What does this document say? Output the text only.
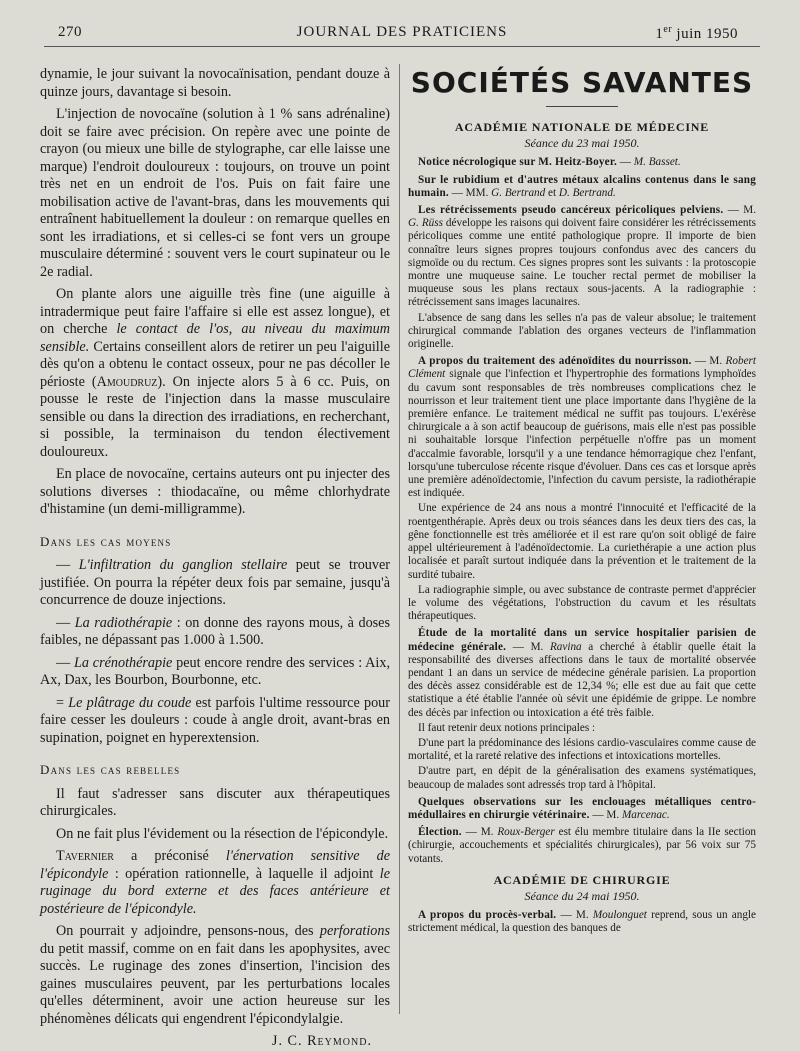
270	JOURNAL DES PRATICIENS	1er juin 1950

dynamie, le jour suivant la novocaïnisation, pendant douze à quinze jours, davantage si besoin.

L'injection de novocaïne (solution à 1 % sans adrénaline) doit se faire avec précision. On repère avec une pointe de crayon (ou mieux une bille de stylographe, car elle laisse une marque) l'endroit douloureux : toujours, on trouve un point très net en un endroit de l'os. Puis on fait faire une mobilisation active de l'avant-bras, dans les mouvements qui entraînent habituellement la douleur : on remarque quelles en sont les irradiations, et si celles-ci se font vers un groupe musculaire déterminé : souvent vers le court supinateur ou le 2e radial.

On plante alors une aiguille très fine (une aiguille à intradermique peut faire l'affaire si elle est assez longue), et on cherche le contact de l'os, au niveau du maximum sensible. Certains conseillent alors de retirer un peu l'aiguille dès qu'on a obtenu le contact osseux, pour ne pas décoller le périoste (Amoudruz). On injecte alors 5 à 6 cc. Puis, on pousse le reste de l'injection dans la masse musculaire sensible ou dans la direction des irradiations, en recherchant, si possible, la terminaison du tendon électivement douloureux.

En place de novocaïne, certains auteurs ont pu injecter des solutions diverses : thiodacaïne, ou même chlorhydrate d'histamine (un demi-milligramme).

Dans les cas moyens

— L'infiltration du ganglion stellaire peut se trouver justifiée. On pourra la répéter deux fois par semaine, jusqu'à concurrence de douze injections.

— La radiothérapie : on donne des rayons mous, à doses faibles, ne dépassant pas 1.000 à 1.500.

— La crénothérapie peut encore rendre des services : Aix, Ax, Dax, les Bourbon, Bourbonne, etc.

= Le plâtrage du coude est parfois l'ultime ressource pour faire cesser les douleurs : coude à angle droit, avant-bras en supination, poignet en hyperextension.

Dans les cas rebelles

Il faut s'adresser sans discuter aux thérapeutiques chirurgicales.

On ne fait plus l'évidement ou la résection de l'épicondyle.

Tavernier a préconisé l'énervation sensitive de l'épicondyle : opération rationnelle, à laquelle il adjoint le ruginage du bord externe et des faces antérieure et postérieure de l'épicondyle.

On pourrait y adjoindre, pensons-nous, des perforations du petit massif, comme on en fait dans les apophysites, avec succès. Le ruginage des zones d'insertion, l'incision des gaines musculaires peuvent, par les perturbations locales qu'elles déterminent, avoir une action heureuse sur les phénomènes délicats qui engendrent l'épicondylalgie.

J. C. Reymond.

SOCIÉTÉS SAVANTES
ACADÉMIE NATIONALE DE MÉDECINE
Séance du 23 mai 1950.

Notice nécrologique sur M. Heitz-Boyer. — M. Basset.

Sur le rubidium et d'autres métaux alcalins contenus dans le sang humain. — MM. G. Bertrand et D. Bertrand.

Les rétrécissements pseudo cancéreux péricoliques pelviens. — M. G. Rüss développe les raisons qui doivent faire considérer les rétrécissements péricoliques comme une entité pathologique propre. Il importe de bien connaître leurs signes propres toujours confondus avec des cancers du sigmoïde ou du rectum. Ces signes propres sont les suivants : la protoscopie montre une muqueuse saine. Le toucher rectal permet de mobiliser la muqueuse sous les plans rectaux sous-jacents. A la radiographie : rétrécissement sans images lacunaires.

L'absence de sang dans les selles n'a pas de valeur absolue; le traitement chirurgical commande l'ablation des organes vecteurs de l'inflammation originelle.

A propos du traitement des adénoïdites du nourrisson. — M. Robert Clément signale que l'infection et l'hypertrophie des formations lymphoïdes du cavum sont responsables de très nombreuses complications chez le nourrisson et leur traitement tient une place importante dans l'hygiène de la première enfance. Le traitement médical ne suffit pas toujours. L'exérèse chirurgicale a à son actif beaucoup de guérisons, mais elle n'est pas possible ni souhaitable lorsque l'infection perpétuelle n'offre pas un moment d'accalmie favorable, lorsqu'il y a une tendance hémorragique chez l'enfant, lorsqu'une tuberculose récente risque d'évoluer. Dans ces cas et lorsque après une première adénoïdectomie, l'infection du cavum persiste, la radiothérapie est indiquée.

Une expérience de 24 ans nous a montré l'innocuité et l'efficacité de la roentgenthérapie. Après deux ou trois séances dans les deux tiers des cas, la gêne fonctionnelle est très améliorée et il est rare qu'on soit obligé de faire appel ultérieurement à l'adénoïdectomie. La curiethérapie a une action plus localisée et paraît surtout indiquée dans la prévention et le traitement de la surdité tubaire.

La radiographie simple, ou avec substance de contraste permet d'apprécier le volume des végétations, l'obstruction du cavum et les résultats thérapeutiques.

Étude de la mortalité dans un service hospitalier parisien de médecine générale. — M. Ravina a cherché à établir quelle était la responsabilité des diverses affections dans le taux de mortalité observée pendant 1 an dans un service de médecine générale parisien. La proportion des décès assez considérable est de 12,34 %; elle est due au fait que cette statistique a été établie l'année où sévit une épidémie de grippe. Le nombre des décès par infection ou intoxication a été très faible.

Il faut retenir deux notions principales :

D'une part la prédominance des lésions cardio-vasculaires comme cause de mortalité, et la rareté relative des infections et intoxications mortelles.

D'autre part, en dépit de la généralisation des examens systématiques, beaucoup de malades sont adressés trop tard à l'hôpital.

Quelques observations sur les enclouages métalliques centro-médullaires en chirurgie vétérinaire. — M. Marcenac.

Élection. — M. Roux-Berger est élu membre titulaire dans la IIe section (chirurgie, accouchements et spécialités chirurgicales), par 56 voix sur 75 votants.

ACADÉMIE DE CHIRURGIE
Séance du 24 mai 1950.

A propos du procès-verbal. — M. Moulonguet reprend, sous un angle strictement médical, la question des banques de
